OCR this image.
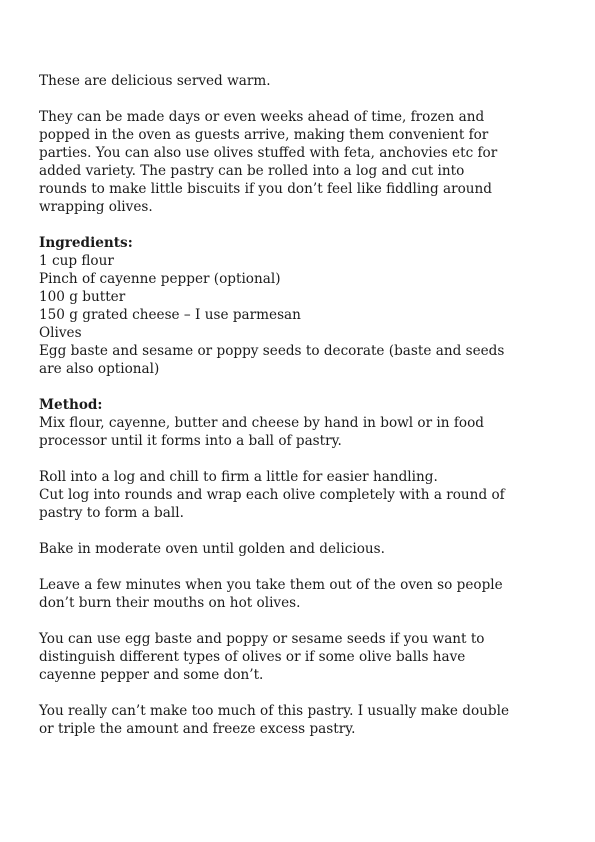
These are delicious served warm.

They can be made days or even weeks ahead of time, frozen and
popped in the oven as guests arrive, making them convenient for
parties. You can also use olives stuffed with feta, anchovies etc for
added variety. The pastry can be rolled into a log and cut into
rounds to make little biscuits if you don’t feel like fiddling around
wrapping olives.

Ingredients:
1 cup flour
Pinch of cayenne pepper (optional)
100 g butter
150 g grated cheese – I use parmesan
Olives
Egg baste and sesame or poppy seeds to decorate (baste and seeds
are also optional)
Method:

Mix flour, cayenne, butter and cheese by hand in bowl or in food
processor until it forms into a ball of pastry.

Roll into a log and chill to firm a little for easier handling.
Cut log into rounds and wrap each olive completely with a round of
pastry to form a ball.

Bake in moderate oven until golden and delicious.

Leave a few minutes when you take them out of the oven so people
don’t burn their mouths on hot olives.

You can use egg baste and poppy or sesame seeds if you want to
distinguish different types of olives or if some olive balls have
cayenne pepper and some don’t.

You really can’t make too much of this pastry. I usually make double
or triple the amount and freeze excess pastry.
